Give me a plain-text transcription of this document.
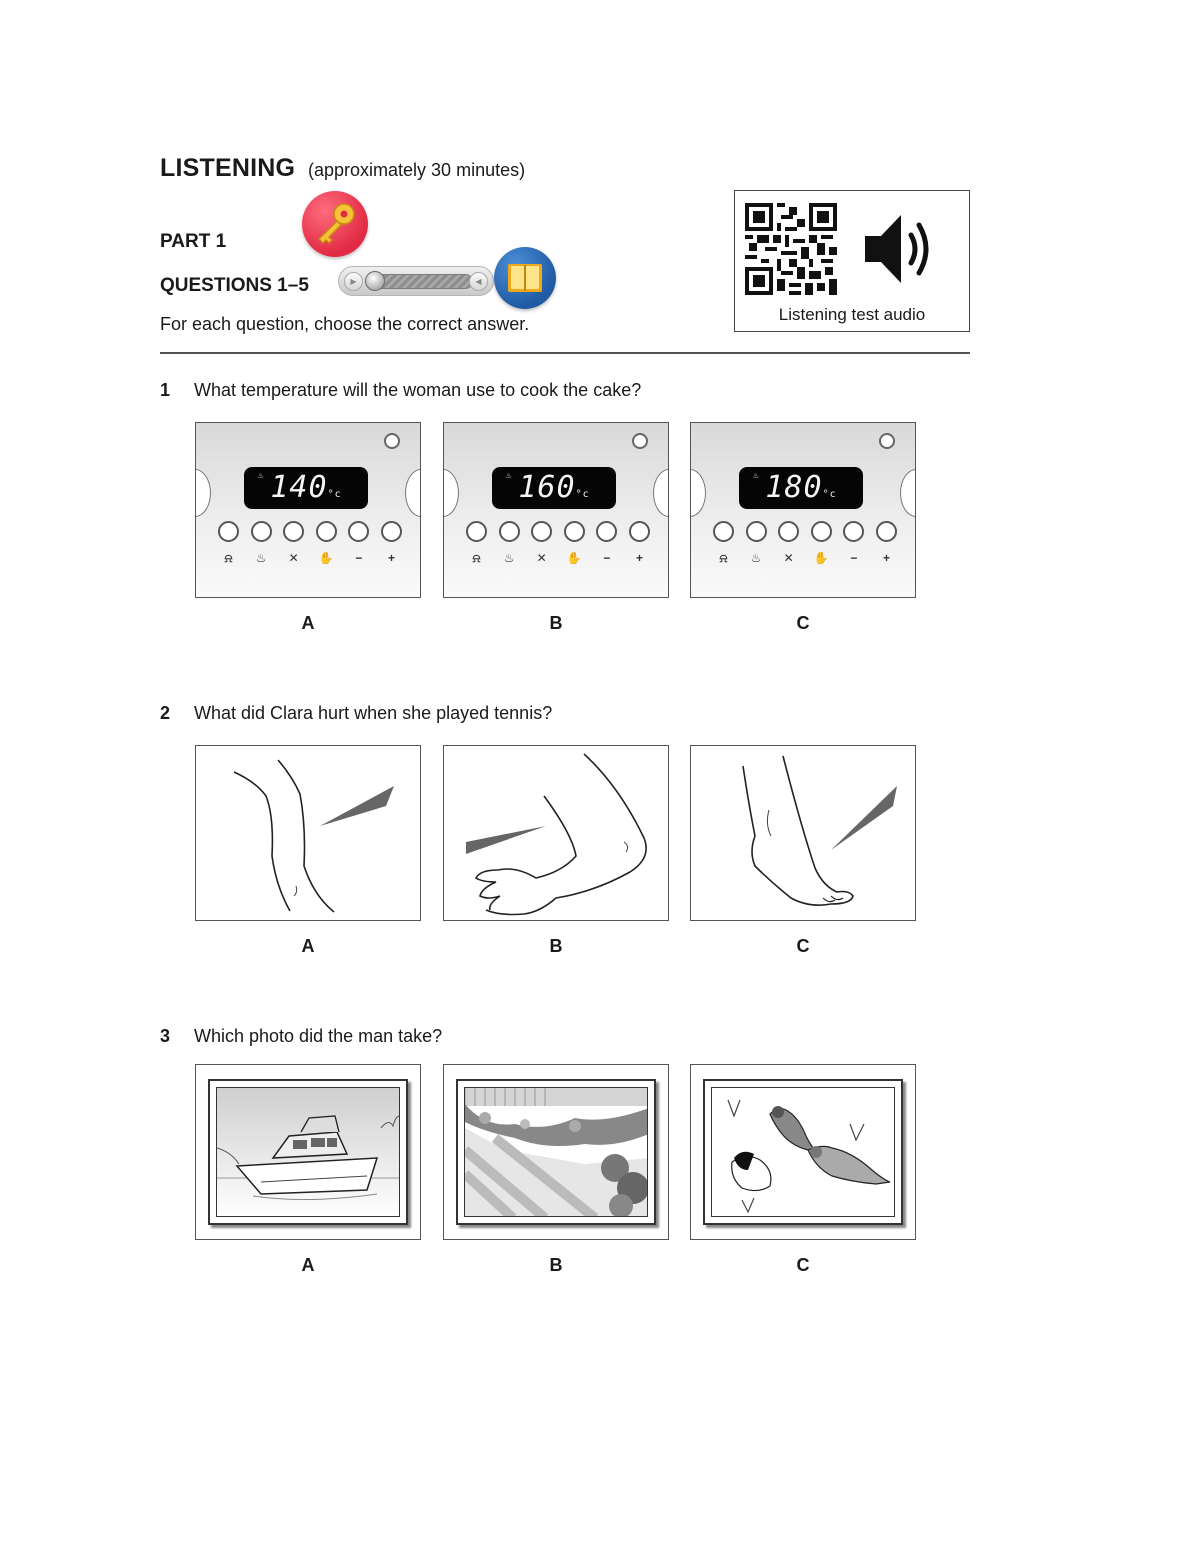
LISTENING (approximately 30 minutes)
PART 1
QUESTIONS 1–5
For each question, choose the correct answer.
▶	◀
Listening test audio
1 What temperature will the woman use to cook the cake?
♨ 140°c
⍾	♨	✕	✋	−	+
A
♨ 160°c
⍾	♨	✕	✋	−	+
B
♨ 180°c
⍾	♨	✕	✋	−	+
C
2 What did Clara hurt when she played tennis?
A	B	C
3 Which photo did the man take?
A	B	C
